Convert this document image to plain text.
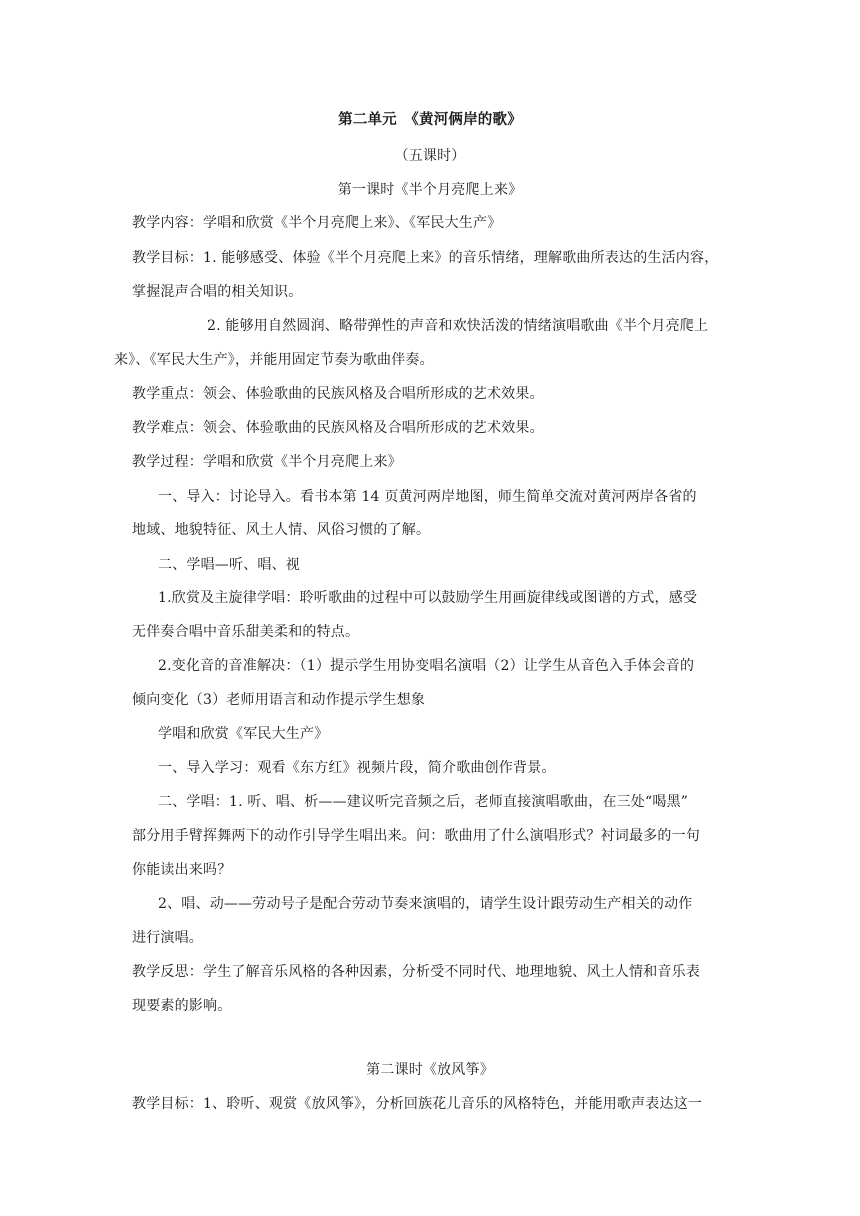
第二单元　《黄河俩岸的歌》
（五课时）
第一课时《半个月亮爬上来》
教学内容：学唱和欣赏《半个月亮爬上来》、《军民大生产》
教学目标：1. 能够感受、体验《半个月亮爬上来》的音乐情绪，理解歌曲所表达的生活内容，
掌握混声合唱的相关知识。
2. 能够用自然圆润、略带弹性的声音和欢快活泼的情绪演唱歌曲《半个月亮爬上
来》、《军民大生产》，并能用固定节奏为歌曲伴奏。
教学重点：领会、体验歌曲的民族风格及合唱所形成的艺术效果。
教学难点：领会、体验歌曲的民族风格及合唱所形成的艺术效果。
教学过程：学唱和欣赏《半个月亮爬上来》
一、导入：讨论导入。看书本第 14 页黄河两岸地图，师生简单交流对黄河两岸各省的
地域、地貌特征、风土人情、风俗习惯的了解。
二、学唱—听、唱、视
1.欣赏及主旋律学唱：聆听歌曲的过程中可以鼓励学生用画旋律线或图谱的方式，感受
无伴奏合唱中音乐甜美柔和的特点。
2.变化音的音准解决：（1）提示学生用协变唱名演唱（2）让学生从音色入手体会音的
倾向变化（3）老师用语言和动作提示学生想象
学唱和欣赏《军民大生产》
一、导入学习：观看《东方红》视频片段，简介歌曲创作背景。
二、学唱：1. 听、唱、析——建议听完音频之后，老师直接演唱歌曲，在三处“喝黑”
部分用手臂挥舞两下的动作引导学生唱出来。问：歌曲用了什么演唱形式？衬词最多的一句
你能读出来吗？
2、唱、动——劳动号子是配合劳动节奏来演唱的，请学生设计跟劳动生产相关的动作
进行演唱。
教学反思：学生了解音乐风格的各种因素，分析受不同时代、地理地貌、风土人情和音乐表
现要素的影响。
第二课时《放风筝》
教学目标：1、聆听、观赏《放风筝》，分析回族花儿音乐的风格特色，并能用歌声表达这一
